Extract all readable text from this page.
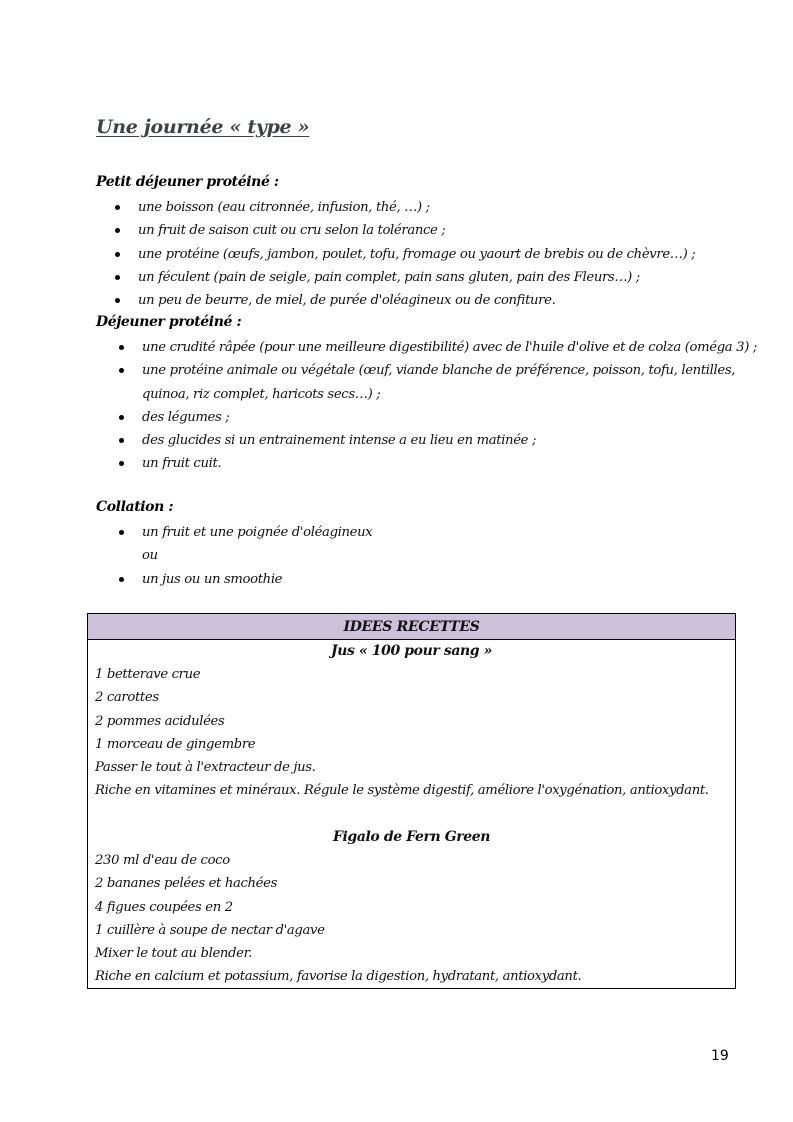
Une journée « type »
Petit déjeuner protéiné :
une boisson (eau citronnée, infusion, thé, …) ;
un fruit de saison cuit ou cru selon la tolérance ;
une protéine (œufs, jambon, poulet, tofu, fromage ou yaourt de brebis ou de chèvre…) ;
un féculent (pain de seigle, pain complet, pain sans gluten, pain des Fleurs…) ;
un peu de beurre, de miel, de purée d'oléagineux ou de confiture.
Déjeuner protéiné :
une crudité râpée (pour une meilleure digestibilité) avec de l'huile d'olive et de colza (oméga 3) ;
une protéine animale ou végétale (œuf, viande blanche de préférence, poisson, tofu, lentilles, quinoa, riz complet, haricots secs…) ;
des légumes ;
des glucides si un entrainement intense a eu lieu en matinée ;
un fruit cuit.
Collation :
un fruit et une poignée d'oléagineux
ou
un jus ou un smoothie
IDEES RECETTES
Jus « 100 pour sang »
1 betterave crue
2 carottes
2 pommes acidulées
1 morceau de gingembre
Passer le tout à l'extracteur de jus.
Riche en vitamines et minéraux. Régule le système digestif, améliore l'oxygénation, antioxydant.
Figalo de Fern Green
230 ml d'eau de coco
2 bananes pelées et hachées
4 figues coupées en 2
1 cuillère à soupe de nectar d'agave
Mixer le tout au blender.
Riche en calcium et potassium, favorise la digestion, hydratant, antioxydant.
19
